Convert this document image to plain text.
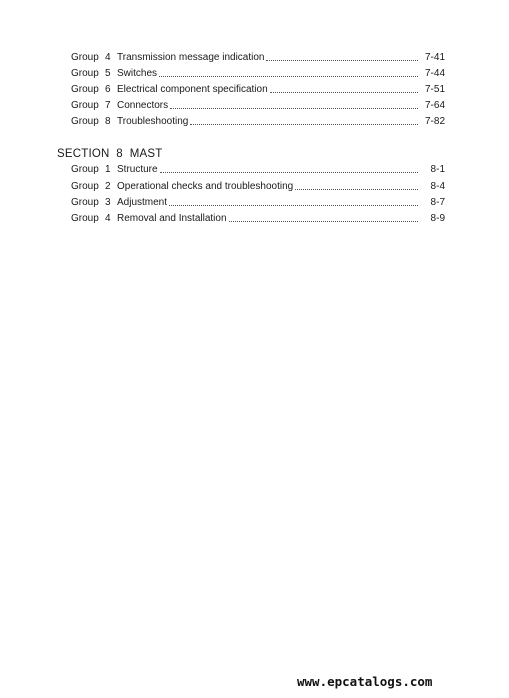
Group 4 Transmission message indication	7-41
Group 5 Switches	7-44
Group 6 Electrical component specification	7-51
Group 7 Connectors	7-64
Group 8 Troubleshooting	7-82
SECTION  8  MAST
Group 1 Structure	8-1
Group 2 Operational checks and troubleshooting	8-4
Group 3 Adjustment	8-7
Group 4 Removal and Installation	8-9
www.epcatalogs.com
